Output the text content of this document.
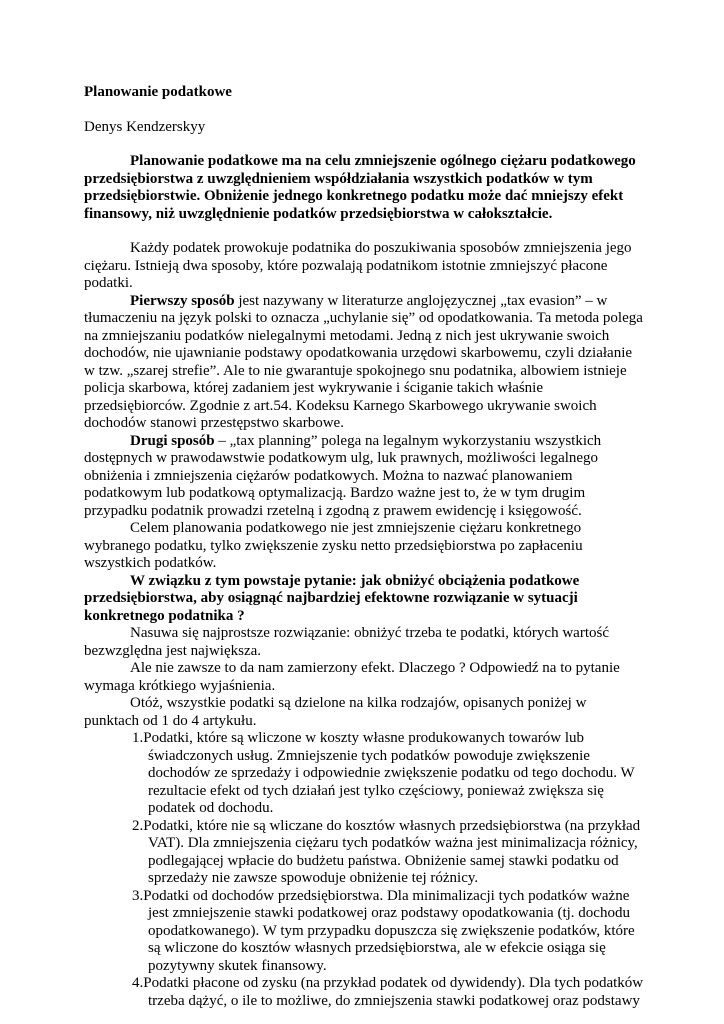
Planowanie podatkowe

Denys Kendzerskyy

Planowanie podatkowe ma na celu zmniejszenie ogólnego ciężaru podatkowego przedsiębiorstwa z uwzględnieniem współdziałania wszystkich podatków w tym przedsiębiorstwie. Obniżenie jednego konkretnego podatku może dać mniejszy efekt finansowy, niż uwzględnienie podatków przedsiębiorstwa w całokształcie.

Każdy podatek prowokuje podatnika do poszukiwania sposobów zmniejszenia jego ciężaru. Istnieją dwa sposoby, które pozwalają podatnikom istotnie zmniejszyć płacone podatki.

Pierwszy sposób jest nazywany w literaturze anglojęzycznej „tax evasion” – w tłumaczeniu na język polski to oznacza „uchylanie się” od opodatkowania. Ta metoda polega na zmniejszaniu podatków nielegalnymi metodami. Jedną z nich jest ukrywanie swoich dochodów, nie ujawnianie podstawy opodatkowania urzędowi skarbowemu, czyli działanie w tzw. „szarej strefie”. Ale to nie gwarantuje spokojnego snu podatnika, albowiem istnieje policja skarbowa, której zadaniem jest wykrywanie i ściganie takich właśnie przedsiębiorców. Zgodnie z art.54. Kodeksu Karnego Skarbowego ukrywanie swoich dochodów stanowi przestępstwo skarbowe.

Drugi sposób – „tax planning” polega na legalnym wykorzystaniu wszystkich dostępnych w prawodawstwie podatkowym ulg, luk prawnych, możliwości legalnego obniżenia i zmniejszenia ciężarów podatkowych. Można to nazwać planowaniem podatkowym lub podatkową optymalizacją. Bardzo ważne jest to, że w tym drugim przypadku podatnik prowadzi rzetelną i zgodną z prawem ewidencję i księgowość.

Celem planowania podatkowego nie jest zmniejszenie ciężaru konkretnego wybranego podatku, tylko zwiększenie zysku netto przedsiębiorstwa po zapłaceniu wszystkich podatków.

W związku z tym powstaje pytanie: jak obniżyć obciążenia podatkowe przedsiębiorstwa, aby osiągnąć najbardziej efektowne rozwiązanie w sytuacji konkretnego podatnika ?

Nasuwa się najprostsze rozwiązanie: obniżyć trzeba te podatki, których wartość bezwzględna jest największa.

Ale nie zawsze to da nam zamierzony efekt. Dlaczego ? Odpowiedź na to pytanie wymaga krótkiego wyjaśnienia.

Otóż, wszystkie podatki są dzielone na kilka rodzajów, opisanych poniżej w punktach od 1 do 4 artykułu.

1.Podatki, które są wliczone w koszty własne produkowanych towarów lub świadczonych usług. Zmniejszenie tych podatków powoduje zwiększenie dochodów ze sprzedaży i odpowiednie zwiększenie podatku od tego dochodu. W rezultacie efekt od tych działań jest tylko częściowy, ponieważ zwiększa się podatek od dochodu.
2.Podatki, które nie są wliczane do kosztów własnych przedsiębiorstwa (na przykład VAT). Dla zmniejszenia ciężaru tych podatków ważna jest minimalizacja różnicy, podlegającej wpłacie do budżetu państwa. Obniżenie samej stawki podatku od sprzedaży nie zawsze spowoduje obniżenie tej różnicy.
3.Podatki od dochodów przedsiębiorstwa. Dla minimalizacji tych podatków ważne jest zmniejszenie stawki podatkowej oraz podstawy opodatkowania (tj. dochodu opodatkowanego). W tym przypadku dopuszcza się zwiększenie podatków, które są wliczone do kosztów własnych przedsiębiorstwa, ale w efekcie osiąga się pozytywny skutek finansowy.
4.Podatki płacone od zysku (na przykład podatek od dywidendy). Dla tych podatków trzeba dążyć, o ile to możliwe, do zmniejszenia stawki podatkowej oraz podstawy
